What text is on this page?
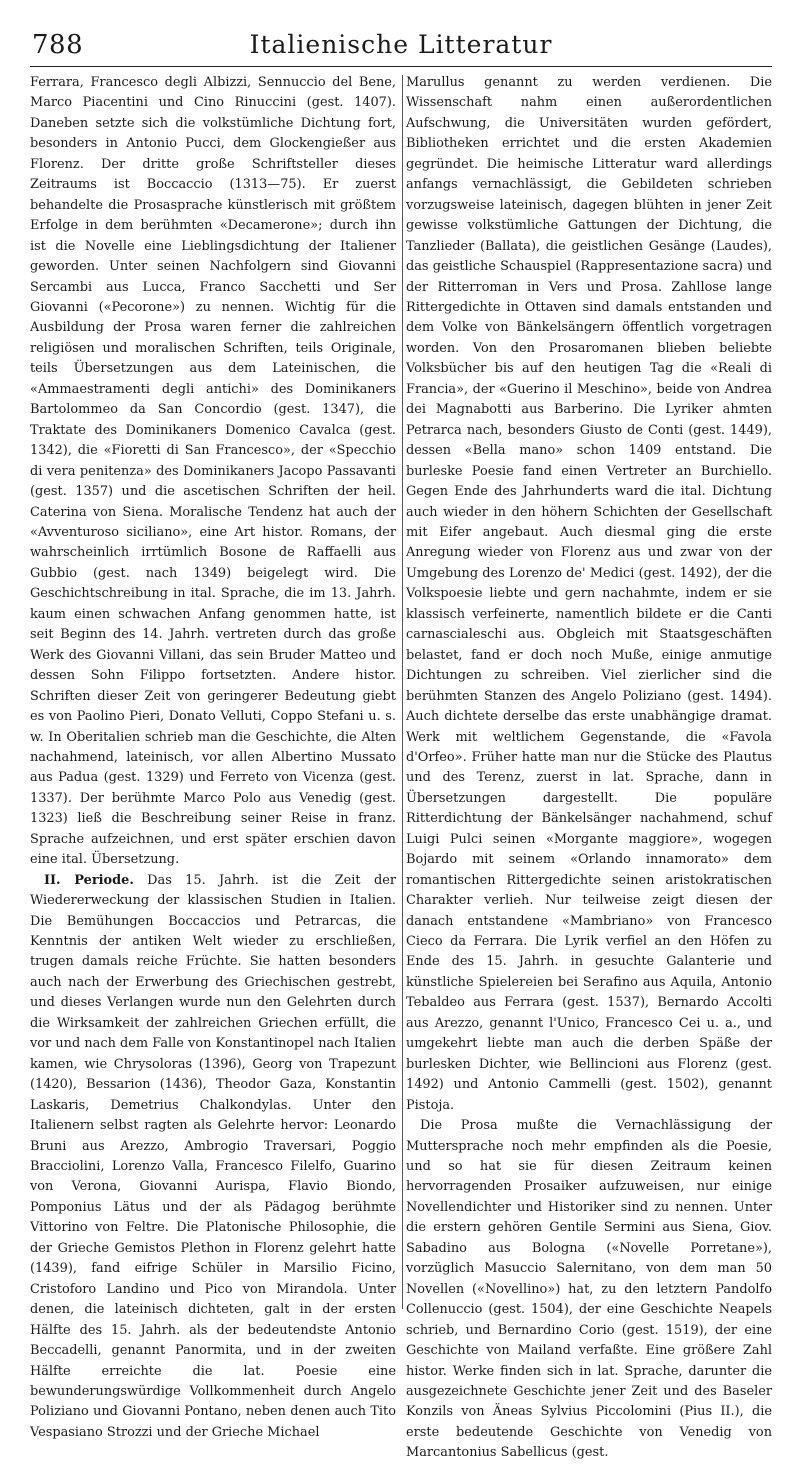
788	Italienische Litteratur

Ferrara, Francesco degli Albizzi, Sennuccio del Bene, Marco Piacentini und Cino Rinuccini (gest. 1407). Daneben setzte sich die volkstümliche Dichtung fort, besonders in Antonio Pucci, dem Glockengießer aus Florenz. Der dritte große Schriftsteller dieses Zeitraums ist Boccaccio (1313—75). Er zuerst behandelte die Prosasprache künstlerisch mit größtem Erfolge in dem berühmten «Decamerone»; durch ihn ist die Novelle eine Lieblingsdichtung der Italiener geworden. Unter seinen Nachfolgern sind Giovanni Sercambi aus Lucca, Franco Sacchetti und Ser Giovanni («Pecorone») zu nennen. Wichtig für die Ausbildung der Prosa waren ferner die zahlreichen religiösen und moralischen Schriften, teils Originale, teils Übersetzungen aus dem Lateinischen, die «Ammaestramenti degli antichi» des Dominikaners Bartolommeo da San Concordio (gest. 1347), die Traktate des Dominikaners Domenico Cavalca (gest. 1342), die «Fioretti di San Francesco», der «Specchio di vera penitenza» des Dominikaners Jacopo Passavanti (gest. 1357) und die ascetischen Schriften der heil. Caterina von Siena. Moralische Tendenz hat auch der «Avventuroso siciliano», eine Art histor. Romans, der wahrscheinlich irrtümlich Bosone de Raffaelli aus Gubbio (gest. nach 1349) beigelegt wird. Die Geschichtschreibung in ital. Sprache, die im 13. Jahrh. kaum einen schwachen Anfang genommen hatte, ist seit Beginn des 14. Jahrh. vertreten durch das große Werk des Giovanni Villani, das sein Bruder Matteo und dessen Sohn Filippo fortsetzten. Andere histor. Schriften dieser Zeit von geringerer Bedeutung giebt es von Paolino Pieri, Donato Velluti, Coppo Stefani u. s. w. In Oberitalien schrieb man die Geschichte, die Alten nachahmend, lateinisch, vor allen Albertino Mussato aus Padua (gest. 1329) und Ferreto von Vicenza (gest. 1337). Der berühmte Marco Polo aus Venedig (gest. 1323) ließ die Beschreibung seiner Reise in franz. Sprache aufzeichnen, und erst später erschien davon eine ital. Übersetzung.

II. Periode. Das 15. Jahrh. ist die Zeit der Wiedererweckung der klassischen Studien in Italien. Die Bemühungen Boccaccios und Petrarcas, die Kenntnis der antiken Welt wieder zu erschließen, trugen damals reiche Früchte. Sie hatten besonders auch nach der Erwerbung des Griechischen gestrebt, und dieses Verlangen wurde nun den Gelehrten durch die Wirksamkeit der zahlreichen Griechen erfüllt, die vor und nach dem Falle von Konstantinopel nach Italien kamen, wie Chrysoloras (1396), Georg von Trapezunt (1420), Bessarion (1436), Theodor Gaza, Konstantin Laskaris, Demetrius Chalkondylas. Unter den Italienern selbst ragten als Gelehrte hervor: Leonardo Bruni aus Arezzo, Ambrogio Traversari, Poggio Bracciolini, Lorenzo Valla, Francesco Filelfo, Guarino von Verona, Giovanni Aurispa, Flavio Biondo, Pomponius Lätus und der als Pädagog berühmte Vittorino von Feltre. Die Platonische Philosophie, die der Grieche Gemistos Plethon in Florenz gelehrt hatte (1439), fand eifrige Schüler in Marsilio Ficino, Cristoforo Landino und Pico von Mirandola. Unter denen, die lateinisch dichteten, galt in der ersten Hälfte des 15. Jahrh. als der bedeutendste Antonio Beccadelli, genannt Panormita, und in der zweiten Hälfte erreichte die lat. Poesie eine bewunderungswürdige Vollkommenheit durch Angelo Poliziano und Giovanni Pontano, neben denen auch Tito Vespasiano Strozzi und der Grieche Michael

Marullus genannt zu werden verdienen. Die Wissenschaft nahm einen außerordentlichen Aufschwung, die Universitäten wurden gefördert, Bibliotheken errichtet und die ersten Akademien gegründet. Die heimische Litteratur ward allerdings anfangs vernachlässigt, die Gebildeten schrieben vorzugsweise lateinisch, dagegen blühten in jener Zeit gewisse volkstümliche Gattungen der Dichtung, die Tanzlieder (Ballata), die geistlichen Gesänge (Laudes), das geistliche Schauspiel (Rappresentazione sacra) und der Ritterroman in Vers und Prosa. Zahllose lange Rittergedichte in Ottaven sind damals entstanden und dem Volke von Bänkelsängern öffentlich vorgetragen worden. Von den Prosaromanen blieben beliebte Volksbücher bis auf den heutigen Tag die «Reali di Francia», der «Guerino il Meschino», beide von Andrea dei Magnabotti aus Barberino. Die Lyriker ahmten Petrarca nach, besonders Giusto de Conti (gest. 1449), dessen «Bella mano» schon 1409 entstand. Die burleske Poesie fand einen Vertreter an Burchiello. Gegen Ende des Jahrhunderts ward die ital. Dichtung auch wieder in den höhern Schichten der Gesellschaft mit Eifer angebaut. Auch diesmal ging die erste Anregung wieder von Florenz aus und zwar von der Umgebung des Lorenzo de' Medici (gest. 1492), der die Volkspoesie liebte und gern nachahmte, indem er sie klassisch verfeinerte, namentlich bildete er die Canti carnascialeschi aus. Obgleich mit Staatsgeschäften belastet, fand er doch noch Muße, einige anmutige Dichtungen zu schreiben. Viel zierlicher sind die berühmten Stanzen des Angelo Poliziano (gest. 1494). Auch dichtete derselbe das erste unabhängige dramat. Werk mit weltlichem Gegenstande, die «Favola d'Orfeo». Früher hatte man nur die Stücke des Plautus und des Terenz, zuerst in lat. Sprache, dann in Übersetzungen dargestellt. Die populäre Ritterdichtung der Bänkelsänger nachahmend, schuf Luigi Pulci seinen «Morgante maggiore», wogegen Bojardo mit seinem «Orlando innamorato» dem romantischen Rittergedichte seinen aristokratischen Charakter verlieh. Nur teilweise zeigt diesen der danach entstandene «Mambriano» von Francesco Cieco da Ferrara. Die Lyrik verfiel an den Höfen zu Ende des 15. Jahrh. in gesuchte Galanterie und künstliche Spielereien bei Serafino aus Aquila, Antonio Tebaldeo aus Ferrara (gest. 1537), Bernardo Accolti aus Arezzo, genannt l'Unico, Francesco Cei u. a., und umgekehrt liebte man auch die derben Späße der burlesken Dichter, wie Bellincioni aus Florenz (gest. 1492) und Antonio Cammelli (gest. 1502), genannt Pistoja.

Die Prosa mußte die Vernachlässigung der Muttersprache noch mehr empfinden als die Poesie, und so hat sie für diesen Zeitraum keinen hervorragenden Prosaiker aufzuweisen, nur einige Novellendichter und Historiker sind zu nennen. Unter die erstern gehören Gentile Sermini aus Siena, Giov. Sabadino aus Bologna («Novelle Porretane»), vorzüglich Masuccio Salernitano, von dem man 50 Novellen («Novellino») hat, zu den letztern Pandolfo Collenuccio (gest. 1504), der eine Geschichte Neapels schrieb, und Bernardino Corio (gest. 1519), der eine Geschichte von Mailand verfaßte. Eine größere Zahl histor. Werke finden sich in lat. Sprache, darunter die ausgezeichnete Geschichte jener Zeit und des Baseler Konzils von Äneas Sylvius Piccolomini (Pius II.), die erste bedeutende Geschichte von Venedig von Marcantonius Sabellicus (gest.
